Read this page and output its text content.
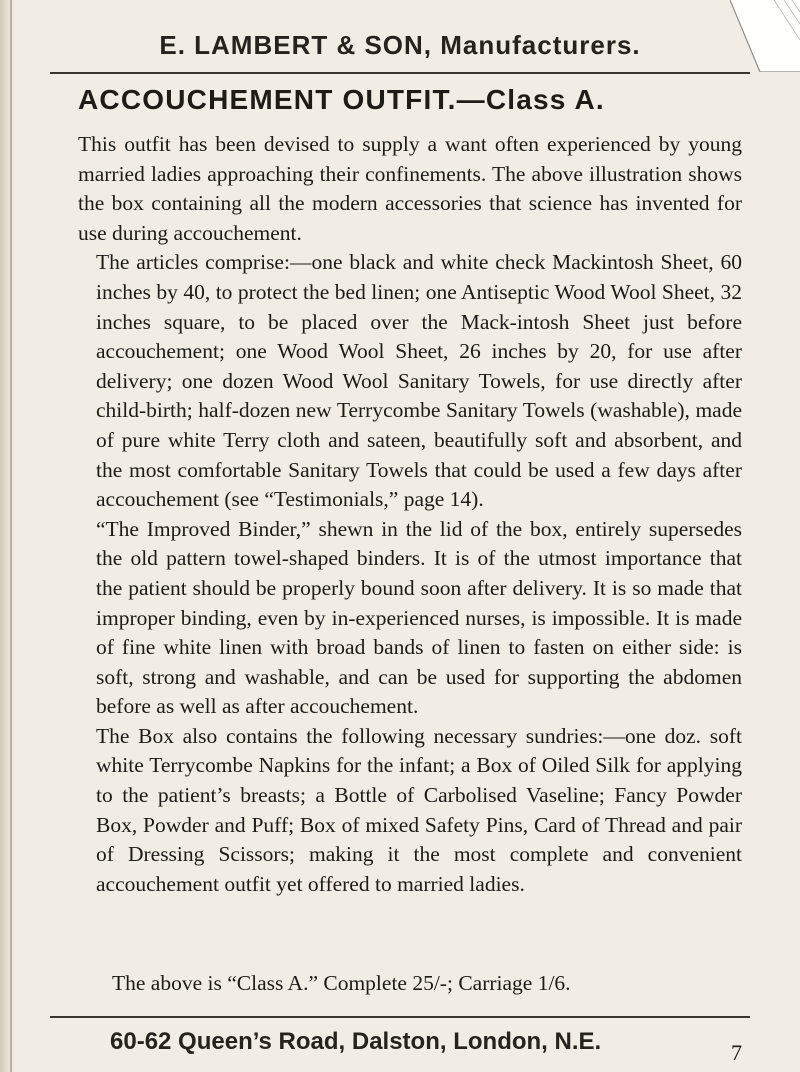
E. LAMBERT & SON, Manufacturers.
ACCOUCHEMENT OUTFIT.—Class A.

This outfit has been devised to supply a want often experienced by young married ladies approaching their confinements. The above illustration shows the box containing all the modern accessories that science has invented for use during accouchement.

The articles comprise:—one black and white check Mackintosh Sheet, 60 inches by 40, to protect the bed linen; one Antiseptic Wood Wool Sheet, 32 inches square, to be placed over the Mack-intosh Sheet just before accouchement; one Wood Wool Sheet, 26 inches by 20, for use after delivery; one dozen Wood Wool Sanitary Towels, for use directly after child-birth; half-dozen new Terrycombe Sanitary Towels (washable), made of pure white Terry cloth and sateen, beautifully soft and absorbent, and the most comfortable Sanitary Towels that could be used a few days after accouchement (see “Testimonials,” page 14).

“The Improved Binder,” shewn in the lid of the box, entirely supersedes the old pattern towel-shaped binders. It is of the utmost importance that the patient should be properly bound soon after delivery. It is so made that improper binding, even by in-experienced nurses, is impossible. It is made of fine white linen with broad bands of linen to fasten on either side: is soft, strong and washable, and can be used for supporting the abdomen before as well as after accouchement.

The Box also contains the following necessary sundries:—one doz. soft white Terrycombe Napkins for the infant; a Box of Oiled Silk for applying to the patient’s breasts; a Bottle of Carbolised Vaseline; Fancy Powder Box, Powder and Puff; Box of mixed Safety Pins, Card of Thread and pair of Dressing Scissors; making it the most complete and convenient accouchement outfit yet offered to married ladies.

The above is “Class A.” Complete 25/-; Carriage 1/6.
60-62 Queen’s Road, Dalston, London, N.E.	7
